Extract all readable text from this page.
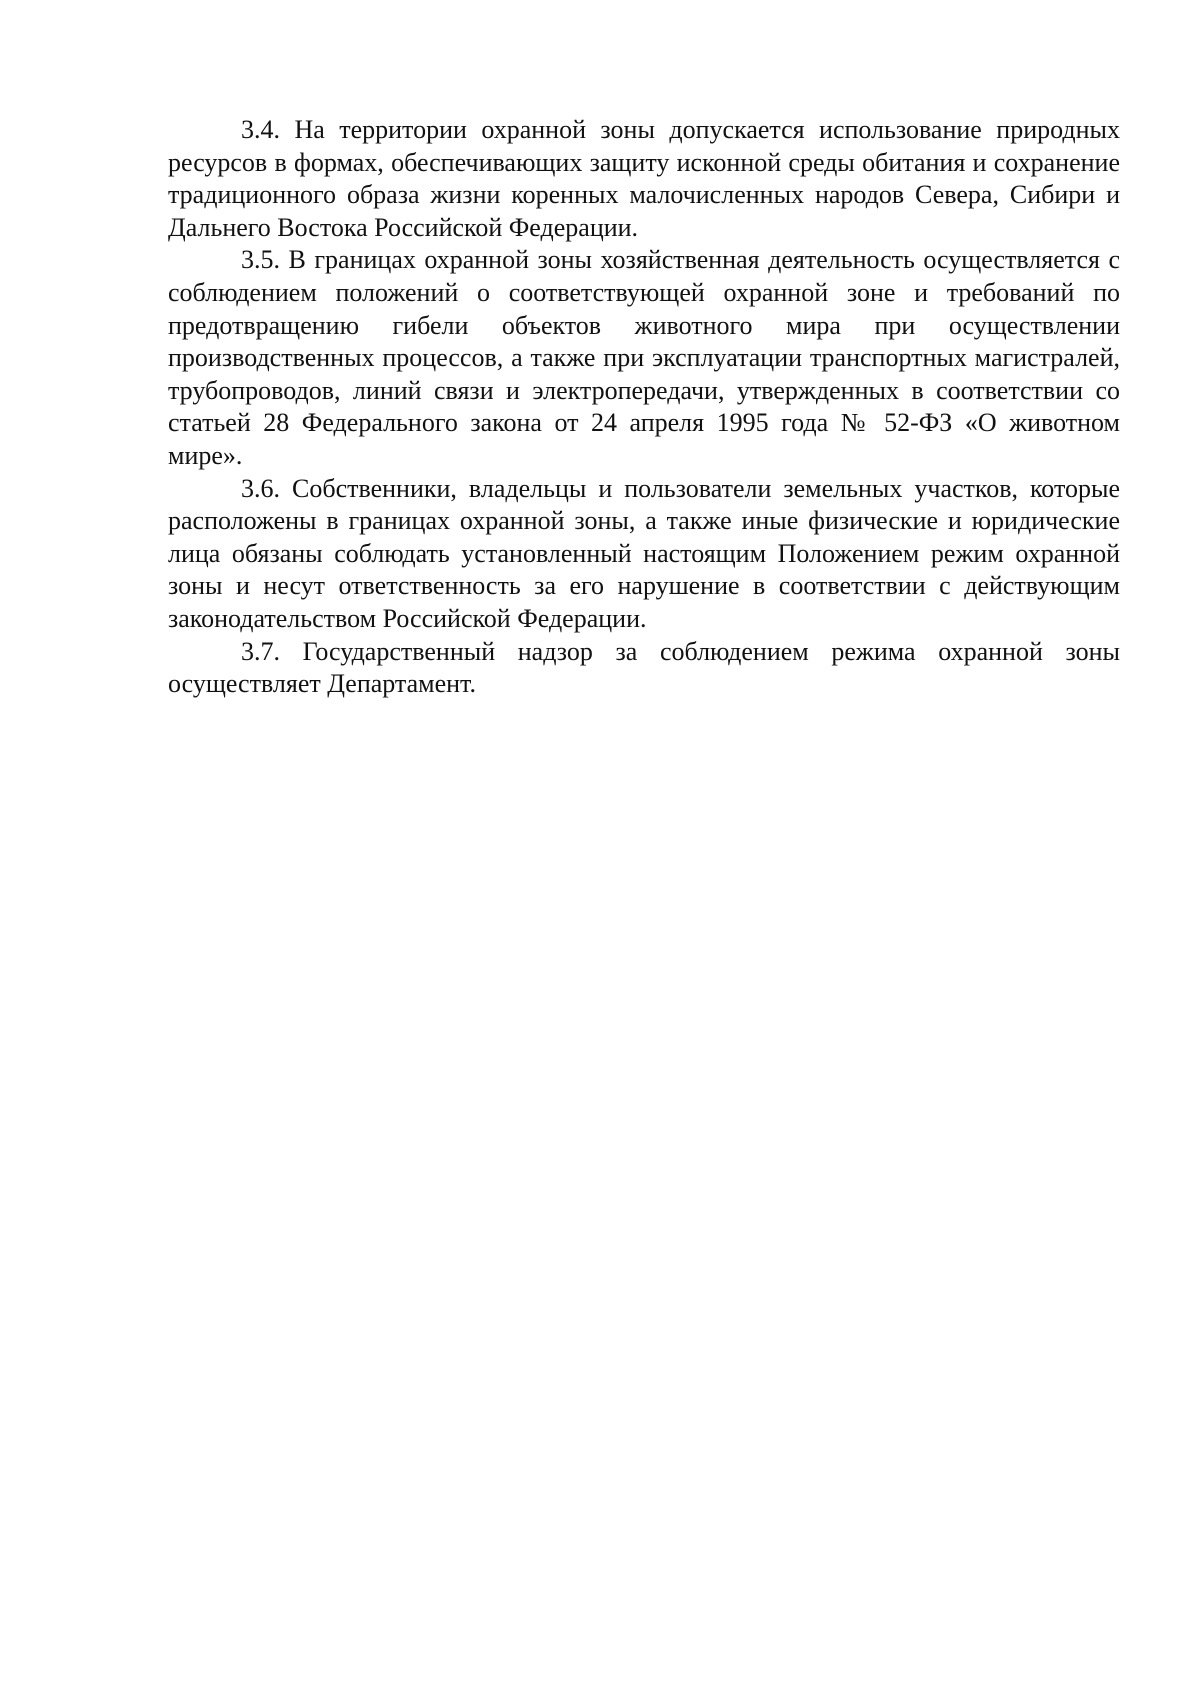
3.4. На территории охранной зоны допускается использование природных ресурсов в формах, обеспечивающих защиту исконной среды обитания и сохранение традиционного образа жизни коренных малочисленных народов Севера, Сибири и Дальнего Востока Российской Федерации.

3.5. В границах охранной зоны хозяйственная деятельность осуществляется с соблюдением положений о соответствующей охранной зоне и требований по предотвращению гибели объектов животного мира при осуществлении производственных процессов, а также при эксплуатации транспортных магистралей, трубопроводов, линий связи и электропередачи, утвержденных в соответствии со статьей 28 Федерального закона от 24 апреля 1995 года № 52-ФЗ «О животном мире».

3.6. Собственники, владельцы и пользователи земельных участков, которые расположены в границах охранной зоны, а также иные физические и юридические лица обязаны соблюдать установленный настоящим Положением режим охранной зоны и несут ответственность за его нарушение в соответствии с действующим законодательством Российской Федерации.

3.7. Государственный надзор за соблюдением режима охранной зоны осуществляет Департамент.
